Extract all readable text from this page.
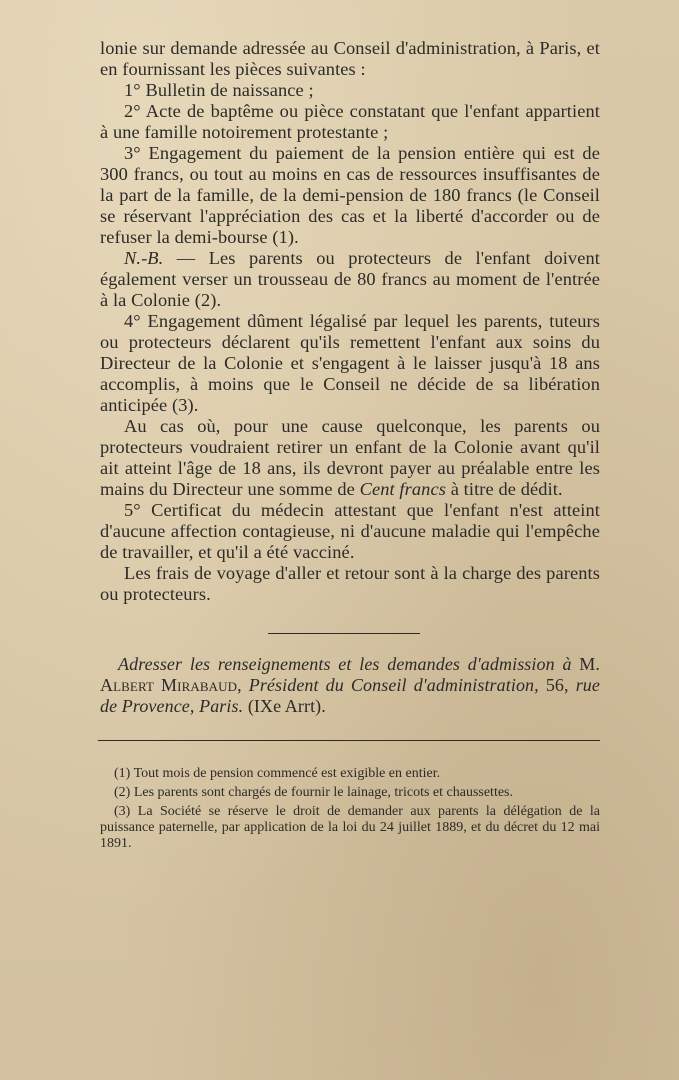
lonie sur demande adressée au Conseil d'administration, à Paris, et en fournissant les pièces suivantes :

1° Bulletin de naissance ;

2° Acte de baptême ou pièce constatant que l'enfant appartient à une famille notoirement protestante ;

3° Engagement du paiement de la pension entière qui est de 300 francs, ou tout au moins en cas de ressources insuffisantes de la part de la famille, de la demi-pension de 180 francs (le Conseil se réservant l'appréciation des cas et la liberté d'accorder ou de refuser la demi-bourse (1).

N.-B. — Les parents ou protecteurs de l'enfant doivent également verser un trousseau de 80 francs au moment de l'entrée à la Colonie (2).

4° Engagement dûment légalisé par lequel les parents, tuteurs ou protecteurs déclarent qu'ils remettent l'enfant aux soins du Directeur de la Colonie et s'engagent à le laisser jusqu'à 18 ans accomplis, à moins que le Conseil ne décide de sa libération anticipée (3).

Au cas où, pour une cause quelconque, les parents ou protecteurs voudraient retirer un enfant de la Colonie avant qu'il ait atteint l'âge de 18 ans, ils devront payer au préalable entre les mains du Directeur une somme de Cent francs à titre de dédit.

5° Certificat du médecin attestant que l'enfant n'est atteint d'aucune affection contagieuse, ni d'aucune maladie qui l'empêche de travailler, et qu'il a été vacciné.

Les frais de voyage d'aller et retour sont à la charge des parents ou protecteurs.

Adresser les renseignements et les demandes d'admission à M. Albert Mirabaud, Président du Conseil d'administration, 56, rue de Provence, Paris. (IXe Arrt).

(1) Tout mois de pension commencé est exigible en entier.

(2) Les parents sont chargés de fournir le lainage, tricots et chaussettes.

(3) La Société se réserve le droit de demander aux parents la délégation de la puissance paternelle, par application de la loi du 24 juillet 1889, et du décret du 12 mai 1891.
